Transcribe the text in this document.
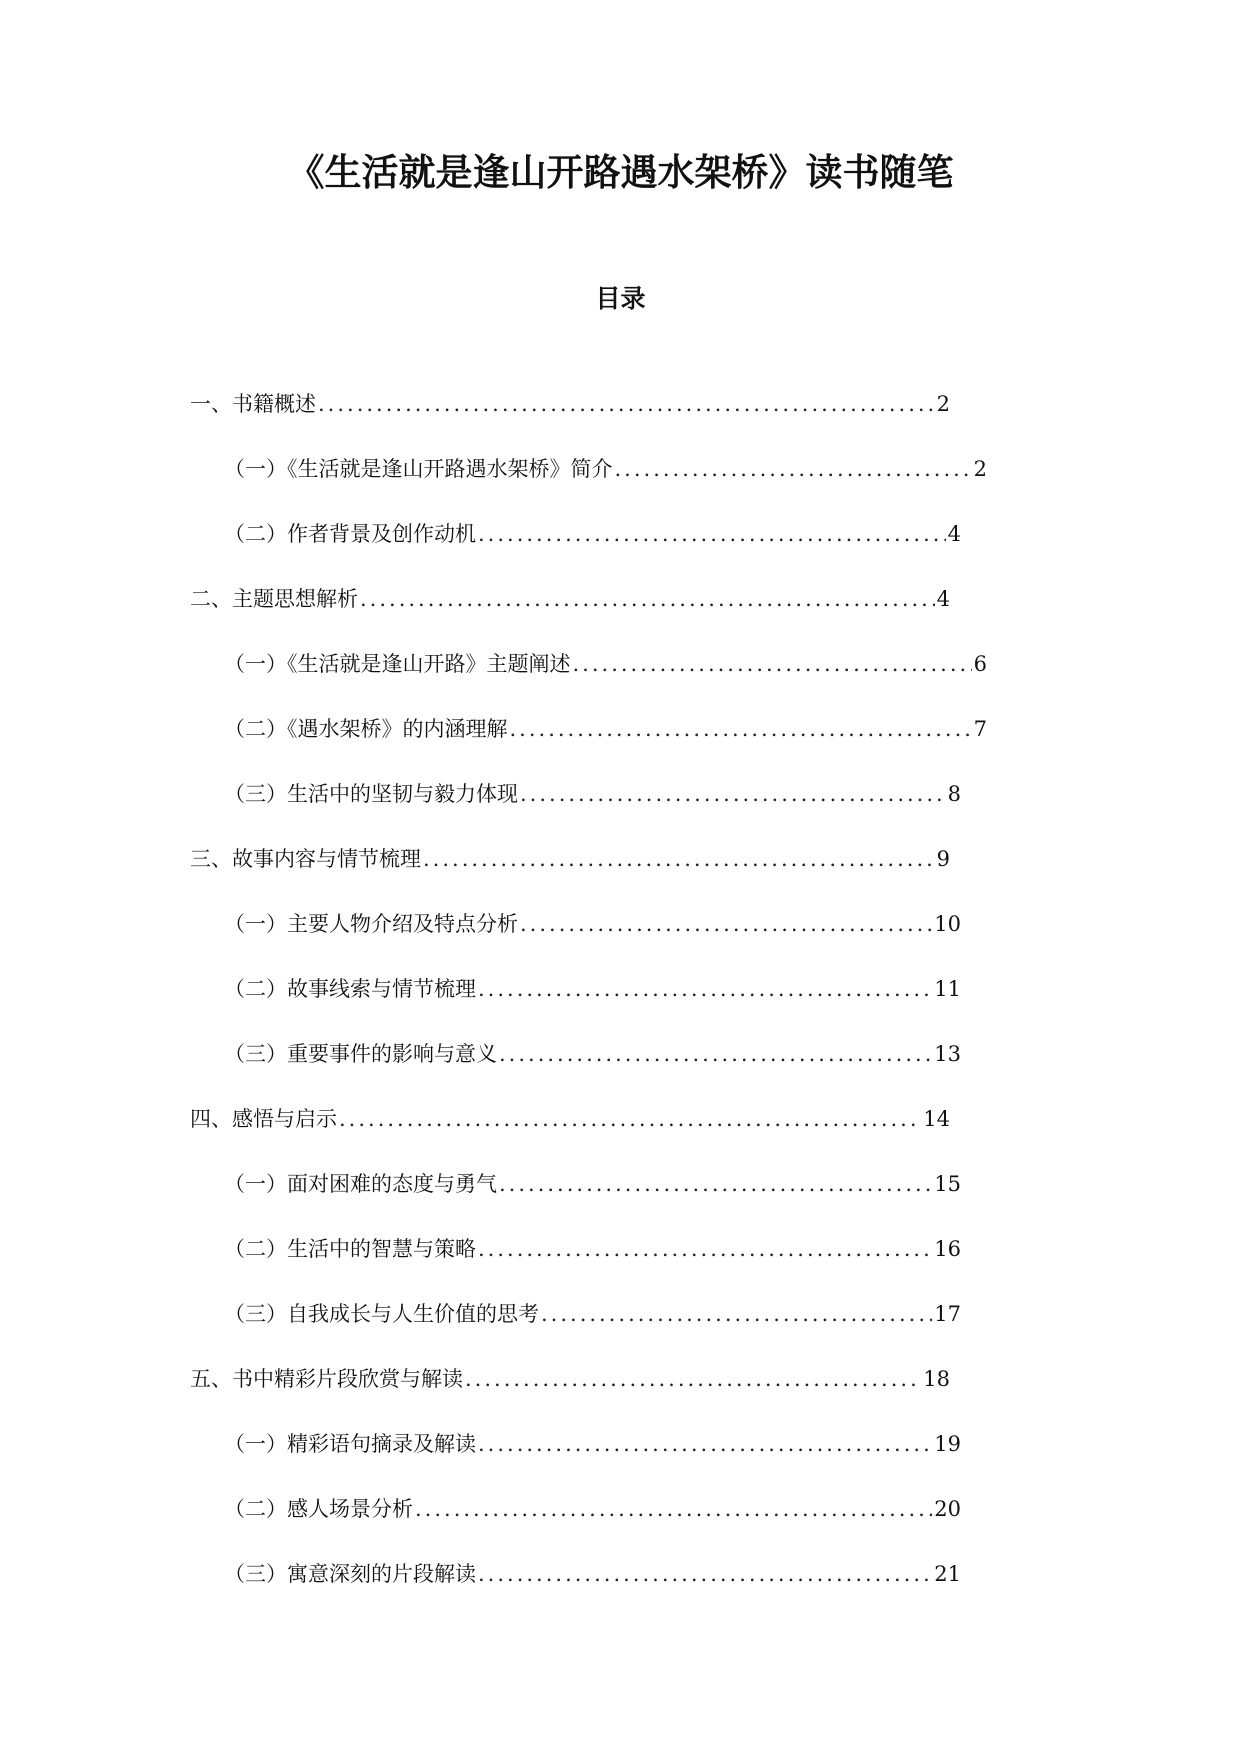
《生活就是逢山开路遇水架桥》读书随笔
目录
一、书籍概述 .....	2
（一）《生活就是逢山开路遇水架桥》简介 .....	2
（二）作者背景及创作动机 .....	4
二、主题思想解析 .....	4
（一）《生活就是逢山开路》主题阐述 .....	6
（二）《遇水架桥》的内涵理解 .....	7
（三）生活中的坚韧与毅力体现 .....	8
三、故事内容与情节梳理 .....	9
（一）主要人物介绍及特点分析 .....	10
（二）故事线索与情节梳理 .....	11
（三）重要事件的影响与意义 .....	13
四、感悟与启示 .....	14
（一）面对困难的态度与勇气 .....	15
（二）生活中的智慧与策略 .....	16
（三）自我成长与人生价值的思考 .....	17
五、书中精彩片段欣赏与解读 .....	18
（一）精彩语句摘录及解读 .....	19
（二）感人场景分析 .....	20
（三）寓意深刻的片段解读 .....	21
